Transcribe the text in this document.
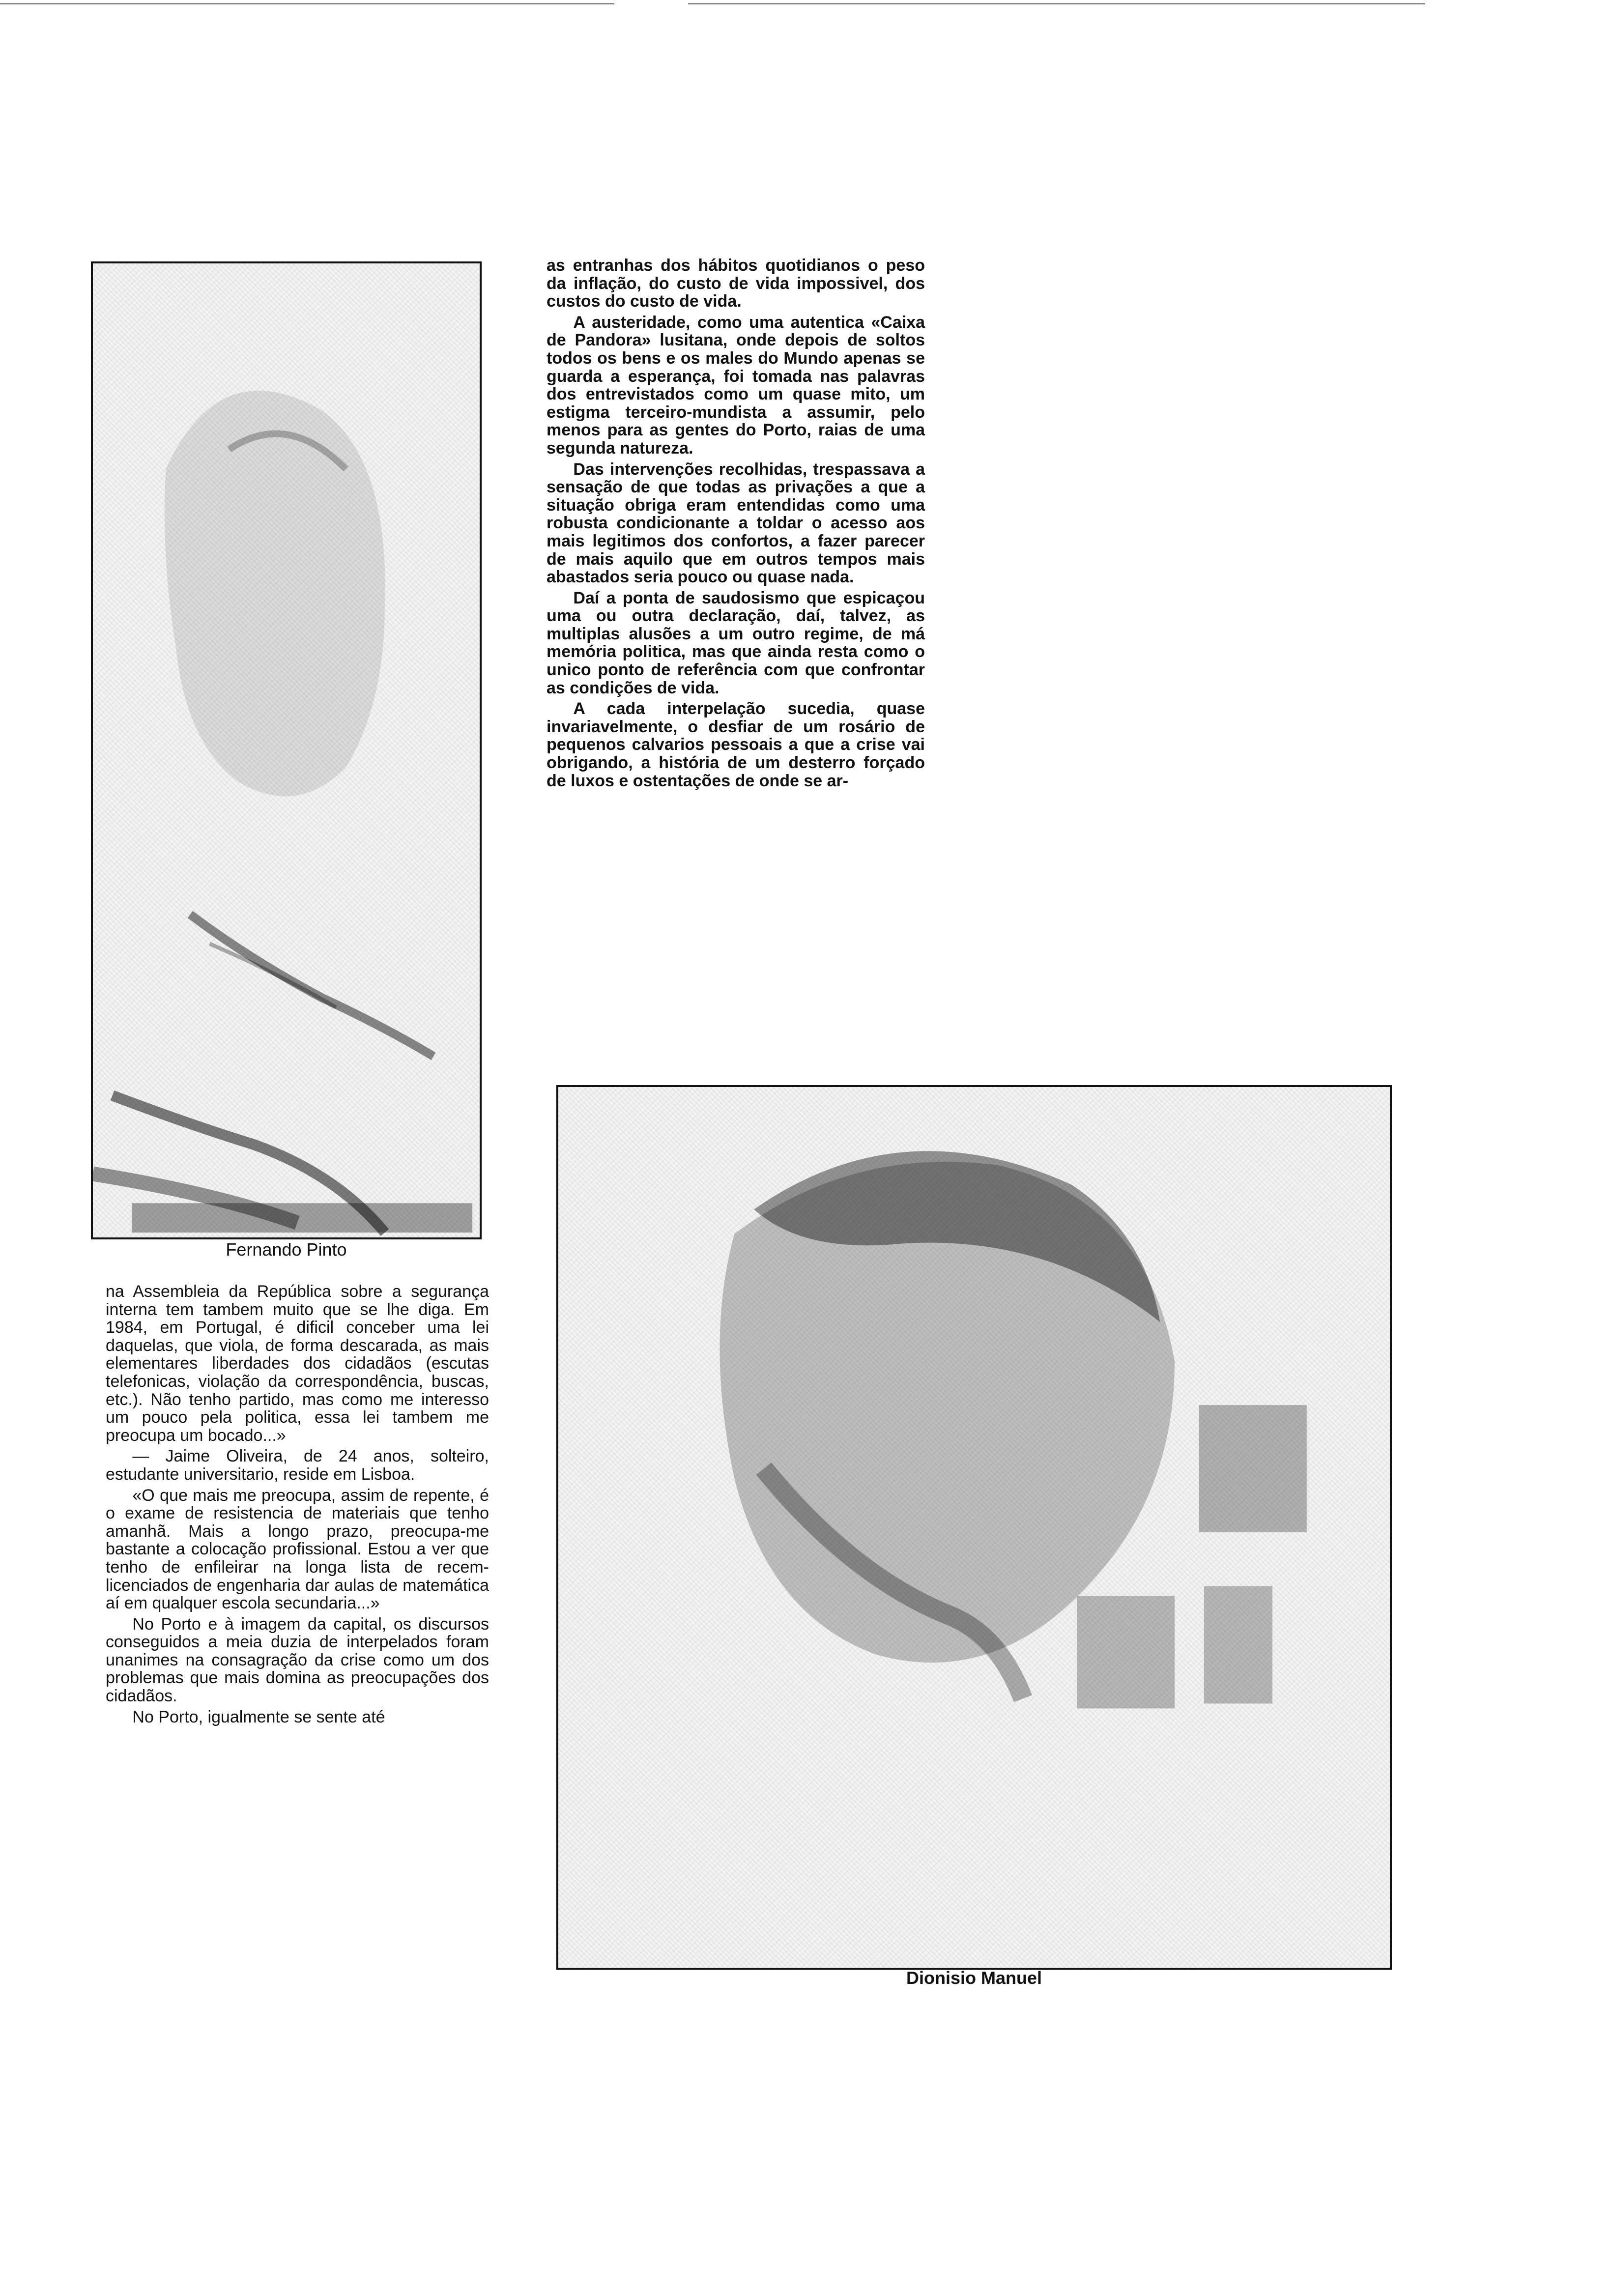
Fernando Pinto

as entranhas dos hábitos quotidianos o peso da inflação, do custo de vida impossivel, dos custos do custo de vida.

A austeridade, como uma autentica «Caixa de Pandora» lusitana, onde depois de soltos todos os bens e os males do Mundo apenas se guarda a esperança, foi tomada nas palavras dos entrevistados como um quase mito, um estigma terceiro-mundista a assumir, pelo menos para as gentes do Porto, raias de uma segunda natureza.

Das intervenções recolhidas, trespassava a sensação de que todas as privações a que a situação obriga eram entendidas como uma robusta condicionante a toldar o acesso aos mais legitimos dos confortos, a fazer parecer de mais aquilo que em outros tempos mais abastados seria pouco ou quase nada.

Daí a ponta de saudosismo que espicaçou uma ou outra declaração, daí, talvez, as multiplas alusões a um outro regime, de má memória politica, mas que ainda resta como o unico ponto de referência com que confrontar as condições de vida.

A cada interpelação sucedia, quase invariavelmente, o desfiar de um rosário de pequenos calvarios pessoais a que a crise vai obrigando, a história de um desterro forçado de luxos e ostentações de onde se ar-

Dionisio Manuel

na Assembleia da República sobre a segurança interna tem tambem muito que se lhe diga. Em 1984, em Portugal, é dificil conceber uma lei daquelas, que viola, de forma descarada, as mais elementares liberdades dos cidadãos (escutas telefonicas, violação da correspondência, buscas, etc.). Não tenho partido, mas como me interesso um pouco pela politica, essa lei tambem me preocupa um bocado...»

— Jaime Oliveira, de 24 anos, solteiro, estudante universitario, reside em Lisboa.

«O que mais me preocupa, assim de repente, é o exame de resistencia de materiais que tenho amanhã. Mais a longo prazo, preocupa-me bastante a colocação profissional. Estou a ver que tenho de enfileirar na longa lista de recem-licenciados de engenharia dar aulas de matemática aí em qualquer escola secundaria...»

No Porto e à imagem da capital, os discursos conseguidos a meia duzia de interpelados foram unanimes na consagração da crise como um dos problemas que mais domina as preocupações dos cidadãos.

No Porto, igualmente se sente até
